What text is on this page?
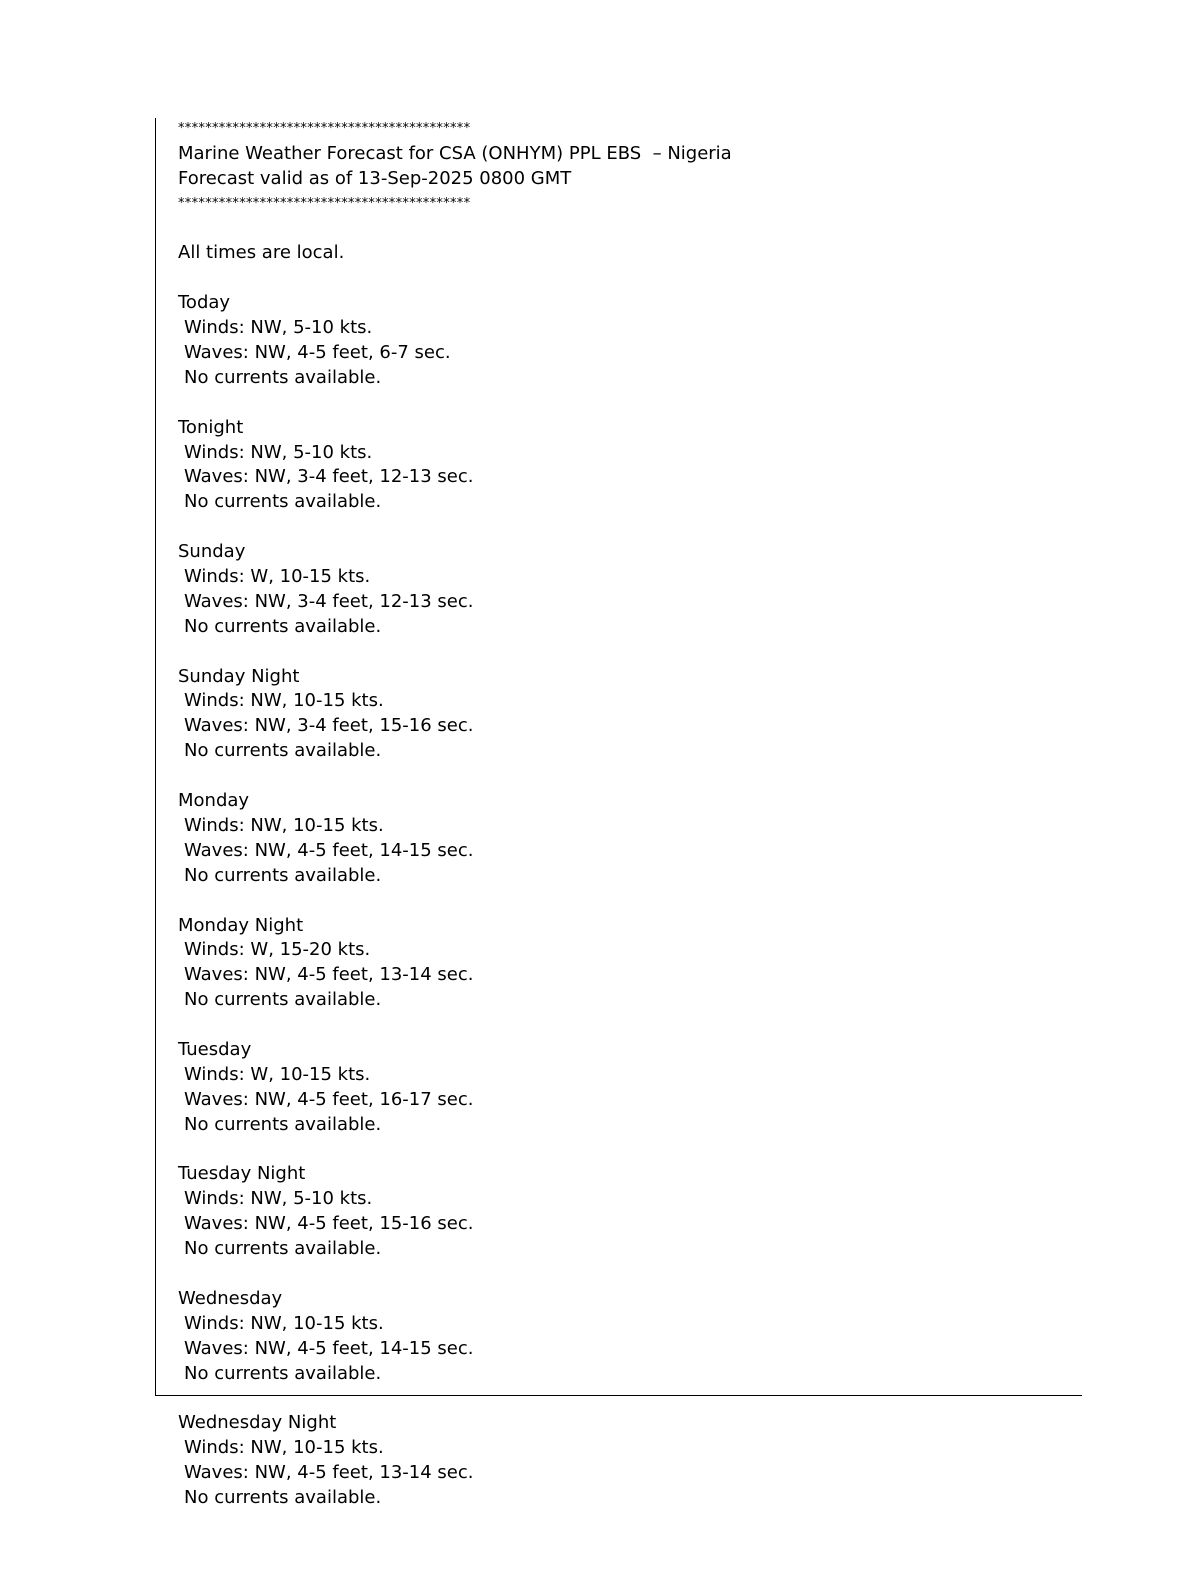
*******************************************
Marine Weather Forecast for CSA (ONHYM) PPL EBS  – Nigeria
Forecast valid as of 13-Sep-2025 0800 GMT
*******************************************
All times are local.
Today
Winds: NW, 5-10 kts.
Waves: NW, 4-5 feet, 6-7 sec.
No currents available.
Tonight
Winds: NW, 5-10 kts.
Waves: NW, 3-4 feet, 12-13 sec.
No currents available.
Sunday
Winds: W, 10-15 kts.
Waves: NW, 3-4 feet, 12-13 sec.
No currents available.
Sunday Night
Winds: NW, 10-15 kts.
Waves: NW, 3-4 feet, 15-16 sec.
No currents available.
Monday
Winds: NW, 10-15 kts.
Waves: NW, 4-5 feet, 14-15 sec.
No currents available.
Monday Night
Winds: W, 15-20 kts.
Waves: NW, 4-5 feet, 13-14 sec.
No currents available.
Tuesday
Winds: W, 10-15 kts.
Waves: NW, 4-5 feet, 16-17 sec.
No currents available.
Tuesday Night
Winds: NW, 5-10 kts.
Waves: NW, 4-5 feet, 15-16 sec.
No currents available.
Wednesday
Winds: NW, 10-15 kts.
Waves: NW, 4-5 feet, 14-15 sec.
No currents available.
Wednesday Night
Winds: NW, 10-15 kts.
Waves: NW, 4-5 feet, 13-14 sec.
No currents available.
